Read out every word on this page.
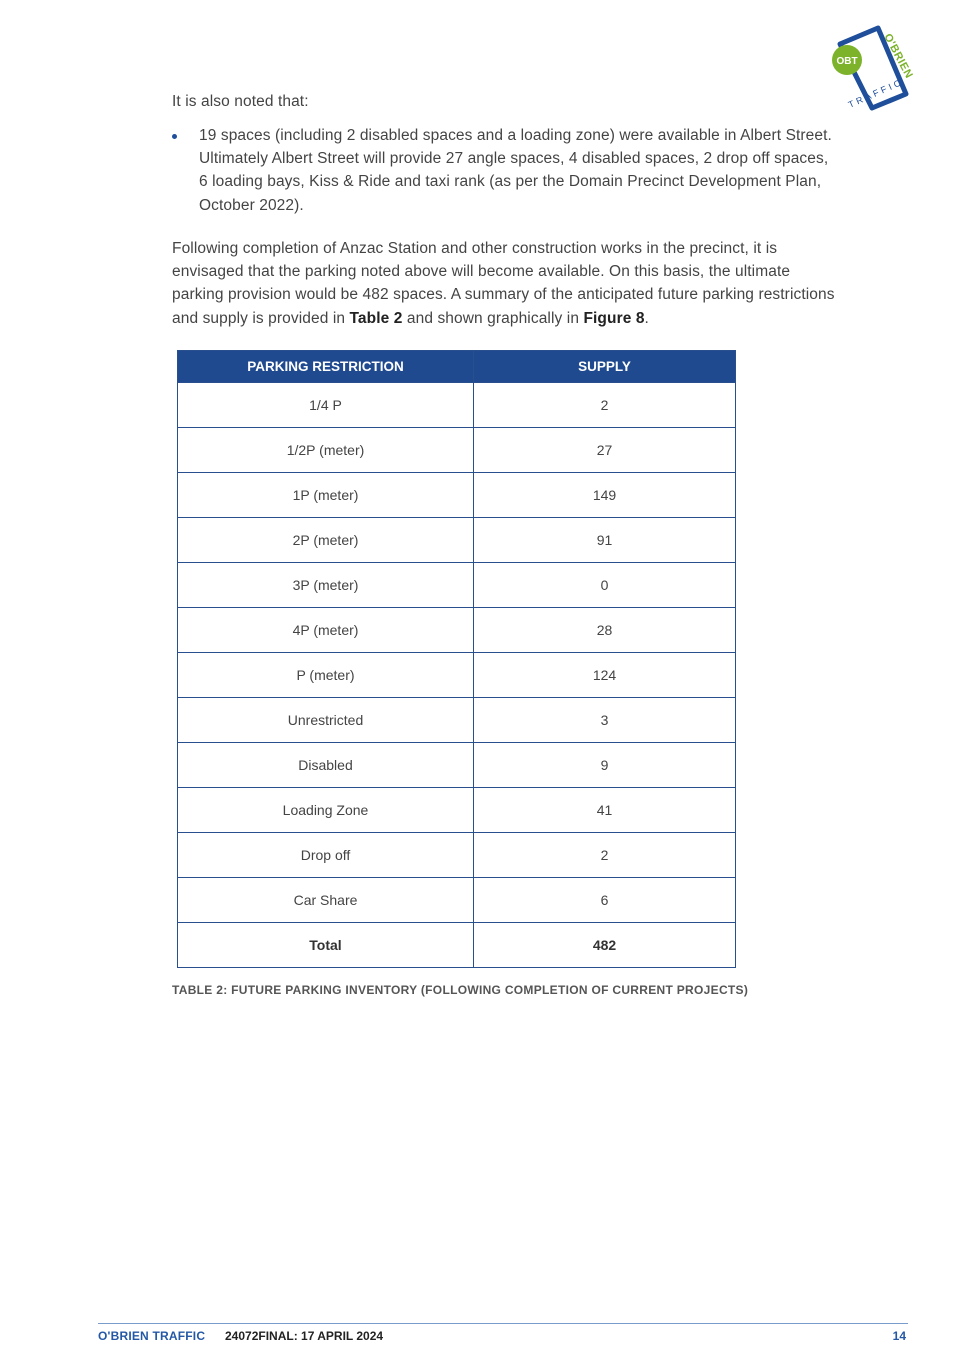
OBT O'BRIEN
TRAFFIC

It is also noted that:

19 spaces (including 2 disabled spaces and a loading zone) were available in Albert Street. Ultimately Albert Street will provide 27 angle spaces, 4 disabled spaces, 2 drop off spaces, 6 loading bays, Kiss & Ride and taxi rank (as per the Domain Precinct Development Plan, October 2022).

Following completion of Anzac Station and other construction works in the precinct, it is envisaged that the parking noted above will become available. On this basis, the ultimate parking provision would be 482 spaces. A summary of the anticipated future parking restrictions and supply is provided in Table 2 and shown graphically in Figure 8.

PARKING RESTRICTION	SUPPLY
1/4 P	2
1/2P (meter)	27
1P (meter)	149
2P (meter)	91
3P (meter)	0
4P (meter)	28
P (meter)	124
Unrestricted	3
Disabled	9
Loading Zone	41
Drop off	2
Car Share	6
Total	482
TABLE 2: FUTURE PARKING INVENTORY (FOLLOWING COMPLETION OF CURRENT PROJECTS)
O'BRIEN TRAFFIC 24072FINAL: 17 APRIL 2024	14
